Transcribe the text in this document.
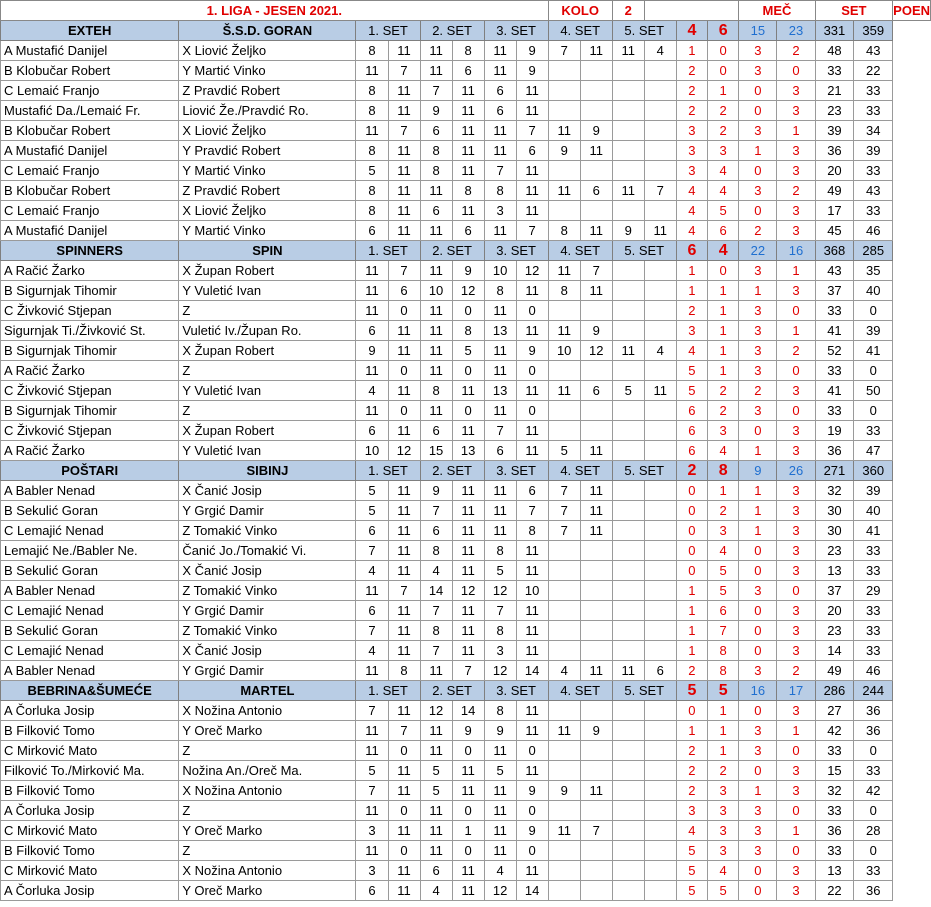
1. LIGA - JESEN 2021.								KOLO		2				MEČ		SET		POEN
EXTEH	Š.S.D. GORAN	1. SET		2. SET		3. SET		4. SET		5. SET		4	6	15	23	331	359	
A Mustafić Danijel	X Liović Željko	8	11	11	8	11	9	7	11	11	4	1	0	3	2	48	43	
B Klobučar Robert	Y Martić Vinko	11	7	11	6	11	9					2	0	3	0	33	22	
C Lemaić Franjo	Z Pravdić Robert	8	11	7	11	6	11					2	1	0	3	21	33	
Mustafić Da./Lemaić Fr.	Liović Že./Pravdić Ro.	8	11	9	11	6	11					2	2	0	3	23	33	
B Klobučar Robert	X Liović Željko	11	7	6	11	11	7	11	9			3	2	3	1	39	34	
A Mustafić Danijel	Y Pravdić Robert	8	11	8	11	11	6	9	11			3	3	1	3	36	39	
C Lemaić Franjo	Y Martić Vinko	5	11	8	11	7	11					3	4	0	3	20	33	
B Klobučar Robert	Z Pravdić Robert	8	11	11	8	8	11	11	6	11	7	4	4	3	2	49	43	
C Lemaić Franjo	X Liović Željko	8	11	6	11	3	11					4	5	0	3	17	33	
A Mustafić Danijel	Y Martić Vinko	6	11	11	6	11	7	8	11	9	11	4	6	2	3	45	46	
SPINNERS	SPIN	1. SET		2. SET		3. SET		4. SET		5. SET		6	4	22	16	368	285	
A Račić Žarko	X Župan Robert	11	7	11	9	10	12	11	7			1	0	3	1	43	35	
B Sigurnjak Tihomir	Y Vuletić Ivan	11	6	10	12	8	11	8	11			1	1	1	3	37	40	
C Živković Stjepan	Z	11	0	11	0	11	0					2	1	3	0	33	0	
Sigurnjak Ti./Živković St.	Vuletić Iv./Župan Ro.	6	11	11	8	13	11	11	9			3	1	3	1	41	39	
B Sigurnjak Tihomir	X Župan Robert	9	11	11	5	11	9	10	12	11	4	4	1	3	2	52	41	
A Račić Žarko	Z	11	0	11	0	11	0					5	1	3	0	33	0	
C Živković Stjepan	Y Vuletić Ivan	4	11	8	11	13	11	11	6	5	11	5	2	2	3	41	50	
B Sigurnjak Tihomir	Z	11	0	11	0	11	0					6	2	3	0	33	0	
C Živković Stjepan	X Župan Robert	6	11	6	11	7	11					6	3	0	3	19	33	
A Račić Žarko	Y Vuletić Ivan	10	12	15	13	6	11	5	11			6	4	1	3	36	47	
POŠTARI	SIBINJ	1. SET		2. SET		3. SET		4. SET		5. SET		2	8	9	26	271	360	
A Babler Nenad	X Čanić Josip	5	11	9	11	11	6	7	11			0	1	1	3	32	39	
B Sekulić Goran	Y Grgić Damir	5	11	7	11	11	7	7	11			0	2	1	3	30	40	
C Lemajić Nenad	Z Tomakić Vinko	6	11	6	11	11	8	7	11			0	3	1	3	30	41	
Lemajić Ne./Babler Ne.	Čanić Jo./Tomakić Vi.	7	11	8	11	8	11					0	4	0	3	23	33	
B Sekulić Goran	X Čanić Josip	4	11	4	11	5	11					0	5	0	3	13	33	
A Babler Nenad	Z Tomakić Vinko	11	7	14	12	12	10					1	5	3	0	37	29	
C Lemajić Nenad	Y Grgić Damir	6	11	7	11	7	11					1	6	0	3	20	33	
B Sekulić Goran	Z Tomakić Vinko	7	11	8	11	8	11					1	7	0	3	23	33	
C Lemajić Nenad	X Čanić Josip	4	11	7	11	3	11					1	8	0	3	14	33	
A Babler Nenad	Y Grgić Damir	11	8	11	7	12	14	4	11	11	6	2	8	3	2	49	46	
BEBRINA&ŠUMEĆE	MARTEL	1. SET		2. SET		3. SET		4. SET		5. SET		5	5	16	17	286	244	
A Čorluka Josip	X Nožina Antonio	7	11	12	14	8	11					0	1	0	3	27	36	
B Filković Tomo	Y Oreč Marko	11	7	11	9	9	11	11	9			1	1	3	1	42	36	
C Mirković Mato	Z	11	0	11	0	11	0					2	1	3	0	33	0	
Filković To./Mirković Ma.	Nožina An./Oreč Ma.	5	11	5	11	5	11					2	2	0	3	15	33	
B Filković Tomo	X Nožina Antonio	7	11	5	11	11	9	9	11			2	3	1	3	32	42	
A Čorluka Josip	Z	11	0	11	0	11	0					3	3	3	0	33	0	
C Mirković Mato	Y Oreč Marko	3	11	11	1	11	9	11	7			4	3	3	1	36	28	
B Filković Tomo	Z	11	0	11	0	11	0					5	3	3	0	33	0	
C Mirković Mato	X Nožina Antonio	3	11	6	11	4	11					5	4	0	3	13	33	
A Čorluka Josip	Y Oreč Marko	6	11	4	11	12	14					5	5	0	3	22	36	
